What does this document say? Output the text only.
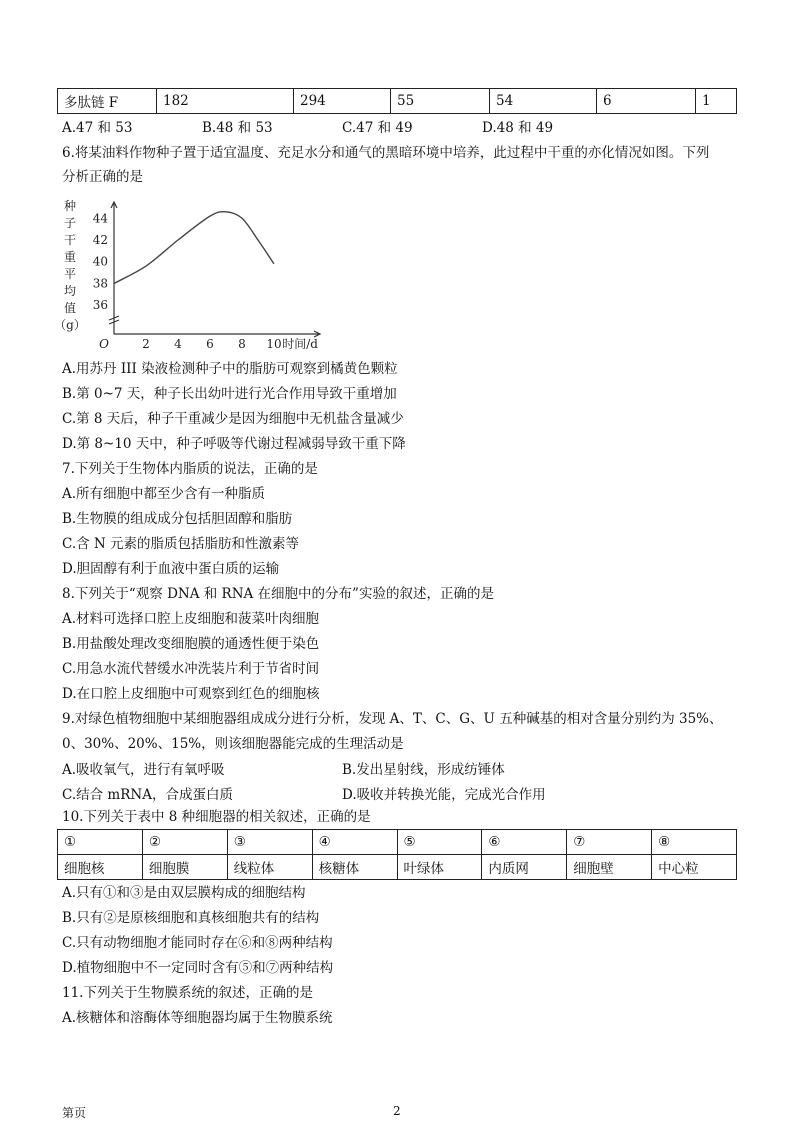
多肽链 F	182	294	55	54	6	1
A.47 和 53	B.48 和 53	C.47 和 49	D.48 和 49
6.将某油料作物种子置于适宜温度、充足水分和通气的黑暗环境中培养，此过程中干重的亦化情况如图。下列
分析正确的是
36
38
40
42
44
2 4 6 8 10
O	时间/d
种
子
干
重
平
均
值
（g）
A.用苏丹 III 染液检测种子中的脂肪可观察到橘黄色颗粒
B.第 0~7 天，种子长出幼叶进行光合作用导致干重增加
C.第 8 天后，种子干重减少是因为细胞中无机盐含量减少
D.第 8~10 天中，种子呼吸等代谢过程减弱导致干重下降
7.下列关于生物体内脂质的说法，正确的是
A.所有细胞中都至少含有一种脂质
B.生物膜的组成成分包括胆固醇和脂肪
C.含 N 元素的脂质包括脂肪和性激素等
D.胆固醇有利于血液中蛋白质的运输
8.下列关于“观察 DNA 和 RNA 在细胞中的分布”实验的叙述，正确的是
A.材料可选择口腔上皮细胞和菠菜叶肉细胞
B.用盐酸处理改变细胞膜的通透性便于染色
C.用急水流代替缓水冲洗装片利于节省时间
D.在口腔上皮细胞中可观察到红色的细胞核
9.对绿色植物细胞中某细胞器组成成分进行分析，发现 A、T、C、G、U 五种碱基的相对含量分别约为 35%、
0、30%、20%、15%，则该细胞器能完成的生理活动是
A.吸收氧气，进行有氧呼吸	B.发出星射线，形成纺锤体
C.结合 mRNA，合成蛋白质	D.吸收并转换光能，完成光合作用
10.下列关于表中 8 种细胞器的相关叙述，正确的是
①	②	③	④	⑤	⑥	⑦	⑧
细胞核	细胞膜	线粒体	核糖体	叶绿体	内质网	细胞壁	中心粒
A.只有①和③是由双层膜构成的细胞结构
B.只有②是原核细胞和真核细胞共有的结构
C.只有动物细胞才能同时存在⑥和⑧两种结构
D.植物细胞中不一定同时含有⑤和⑦两种结构
11.下列关于生物膜系统的叙述，正确的是
A.核糖体和溶酶体等细胞器均属于生物膜系统
第页	2
